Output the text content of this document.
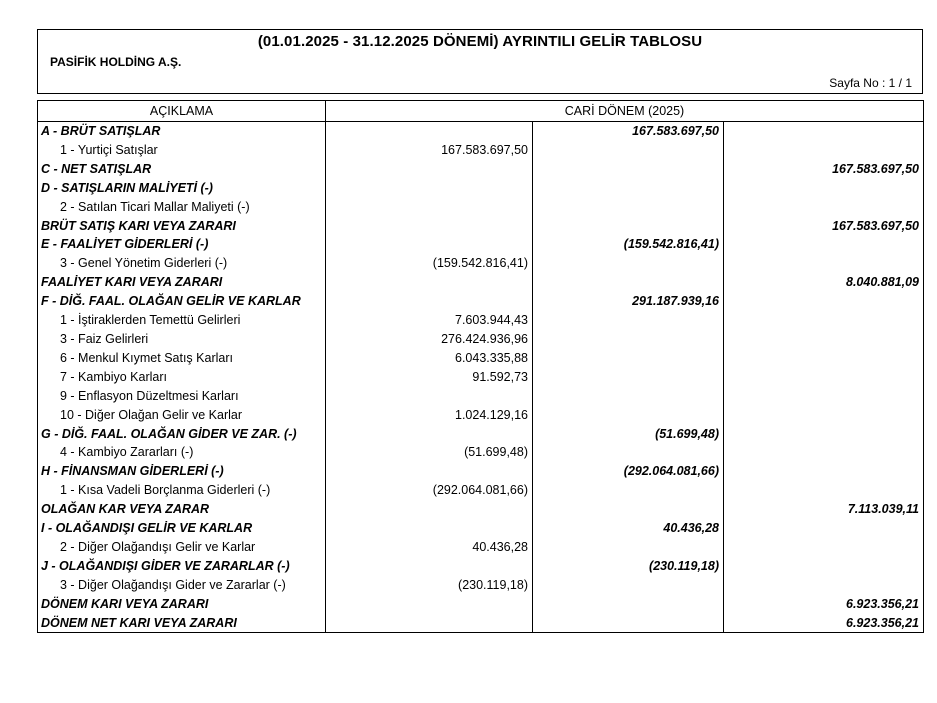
(01.01.2025 - 31.12.2025 DÖNEMİ) AYRINTILI GELİR TABLOSU
PASİFİK HOLDİNG A.Ş.
Sayfa No : 1 / 1
AÇIKLAMA	CARİ DÖNEM (2025)		
A - BRÜT SATIŞLAR		167.583.697,50	
1 - Yurtiçi Satışlar	167.583.697,50		
C - NET SATIŞLAR			167.583.697,50
D - SATIŞLARIN MALİYETİ (-)			
2 - Satılan Ticari Mallar Maliyeti (-)			
BRÜT SATIŞ KARI VEYA ZARARI			167.583.697,50
E - FAALİYET GİDERLERİ (-)		(159.542.816,41)	
3 - Genel Yönetim Giderleri (-)	(159.542.816,41)		
FAALİYET KARI VEYA ZARARI			8.040.881,09
F - DİĞ. FAAL. OLAĞAN GELİR VE KARLAR		291.187.939,16	
1 - İştiraklerden Temettü Gelirleri	7.603.944,43		
3 - Faiz Gelirleri	276.424.936,96		
6 - Menkul Kıymet Satış Karları	6.043.335,88		
7 - Kambiyo Karları	91.592,73		
9 - Enflasyon Düzeltmesi Karları			
10 - Diğer Olağan Gelir ve Karlar	1.024.129,16		
G - DİĞ. FAAL. OLAĞAN GİDER VE ZAR. (-)		(51.699,48)	
4 - Kambiyo Zararları (-)	(51.699,48)		
H - FİNANSMAN GİDERLERİ (-)		(292.064.081,66)	
1 - Kısa Vadeli Borçlanma Giderleri (-)	(292.064.081,66)		
OLAĞAN KAR VEYA ZARAR			7.113.039,11
I - OLAĞANDIŞI GELİR VE KARLAR		40.436,28	
2 - Diğer Olağandışı Gelir ve Karlar	40.436,28		
J - OLAĞANDIŞI GİDER VE ZARARLAR (-)		(230.119,18)	
3 - Diğer Olağandışı Gider ve Zararlar (-)	(230.119,18)		
DÖNEM KARI VEYA ZARARI			6.923.356,21
DÖNEM NET KARI VEYA ZARARI			6.923.356,21
